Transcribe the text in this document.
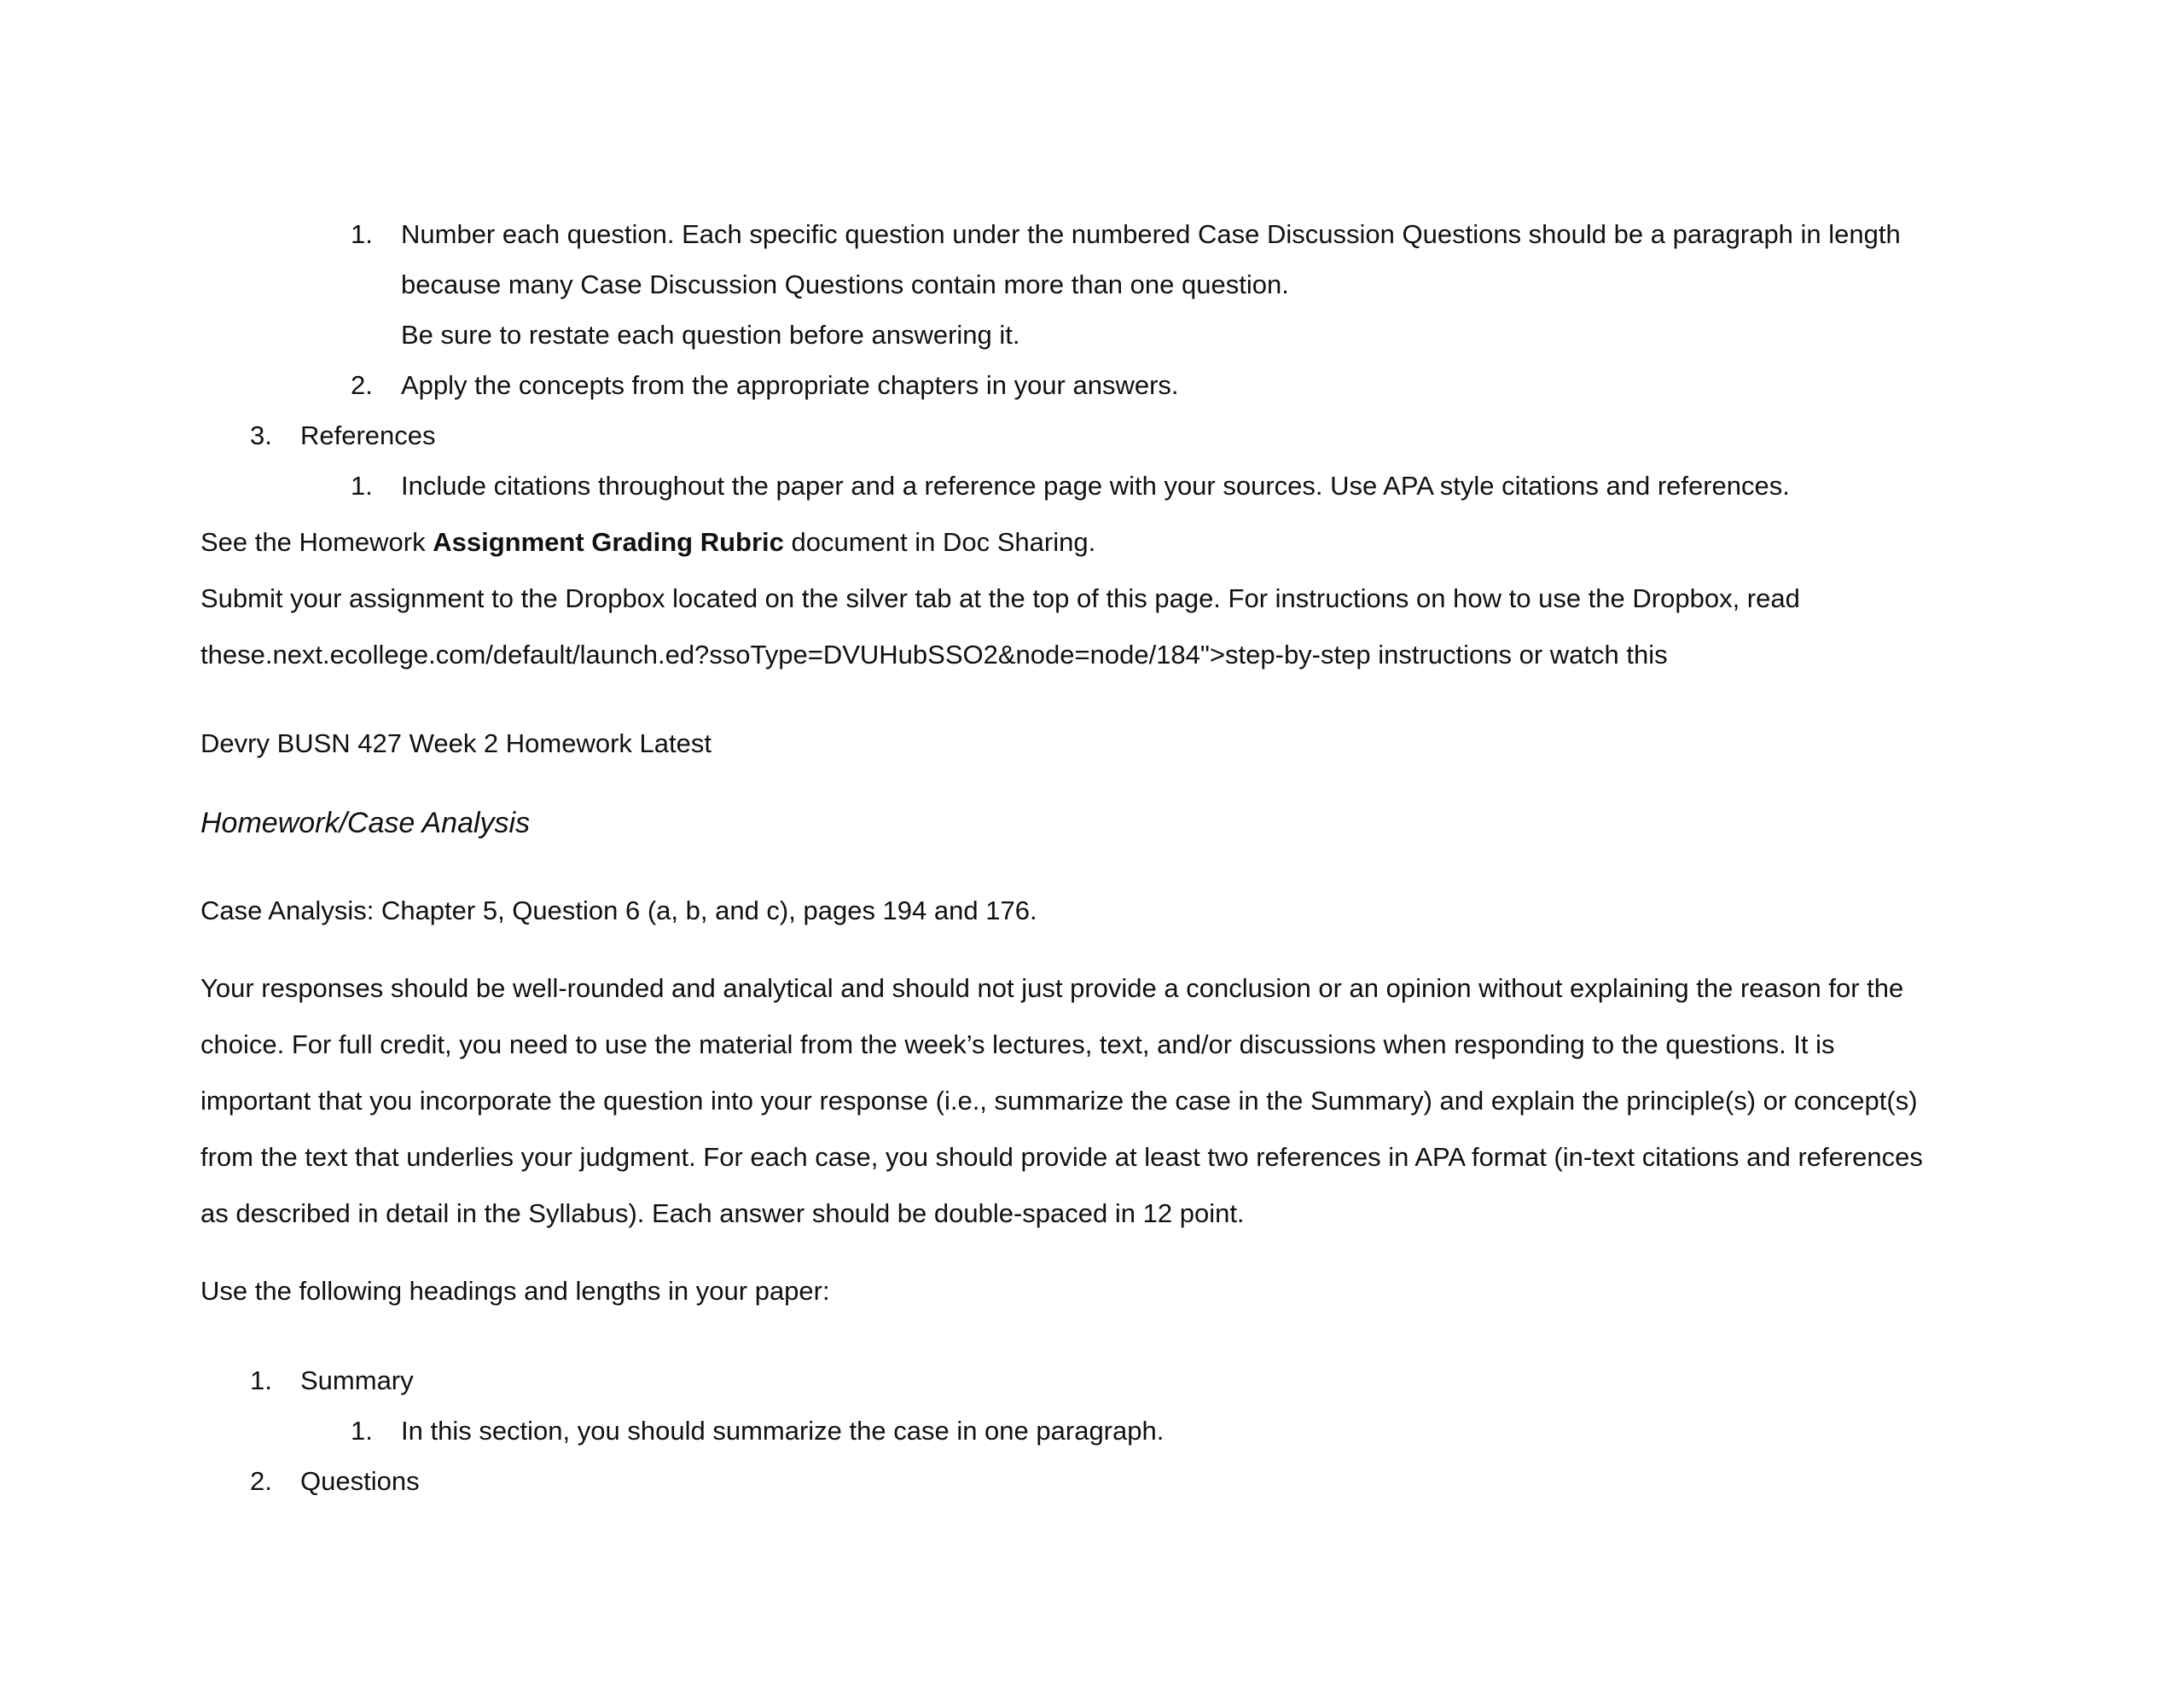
1. Number each question. Each specific question under the numbered Case Discussion Questions should be a paragraph in length
because many Case Discussion Questions contain more than one question.
Be sure to restate each question before answering it.
2. Apply the concepts from the appropriate chapters in your answers.
3. References
1. Include citations throughout the paper and a reference page with your sources. Use APA style citations and references.
See the Homework Assignment Grading Rubric document in Doc Sharing.
Submit your assignment to the Dropbox located on the silver tab at the top of this page. For instructions on how to use the Dropbox, read
these.next.ecollege.com/default/launch.ed?ssoType=DVUHubSSO2&node=node/184">step-by-step instructions or watch this
Devry BUSN 427 Week 2 Homework Latest
Homework/Case Analysis
Case Analysis: Chapter 5, Question 6 (a, b, and c), pages 194 and 176.
Your responses should be well-rounded and analytical and should not just provide a conclusion or an opinion without explaining the reason for the
choice. For full credit, you need to use the material from the week’s lectures, text, and/or discussions when responding to the questions. It is
important that you incorporate the question into your response (i.e., summarize the case in the Summary) and explain the principle(s) or concept(s)
from the text that underlies your judgment. For each case, you should provide at least two references in APA format (in-text citations and references
as described in detail in the Syllabus). Each answer should be double-spaced in 12 point.
Use the following headings and lengths in your paper:
1. Summary
1. In this section, you should summarize the case in one paragraph.
2. Questions
